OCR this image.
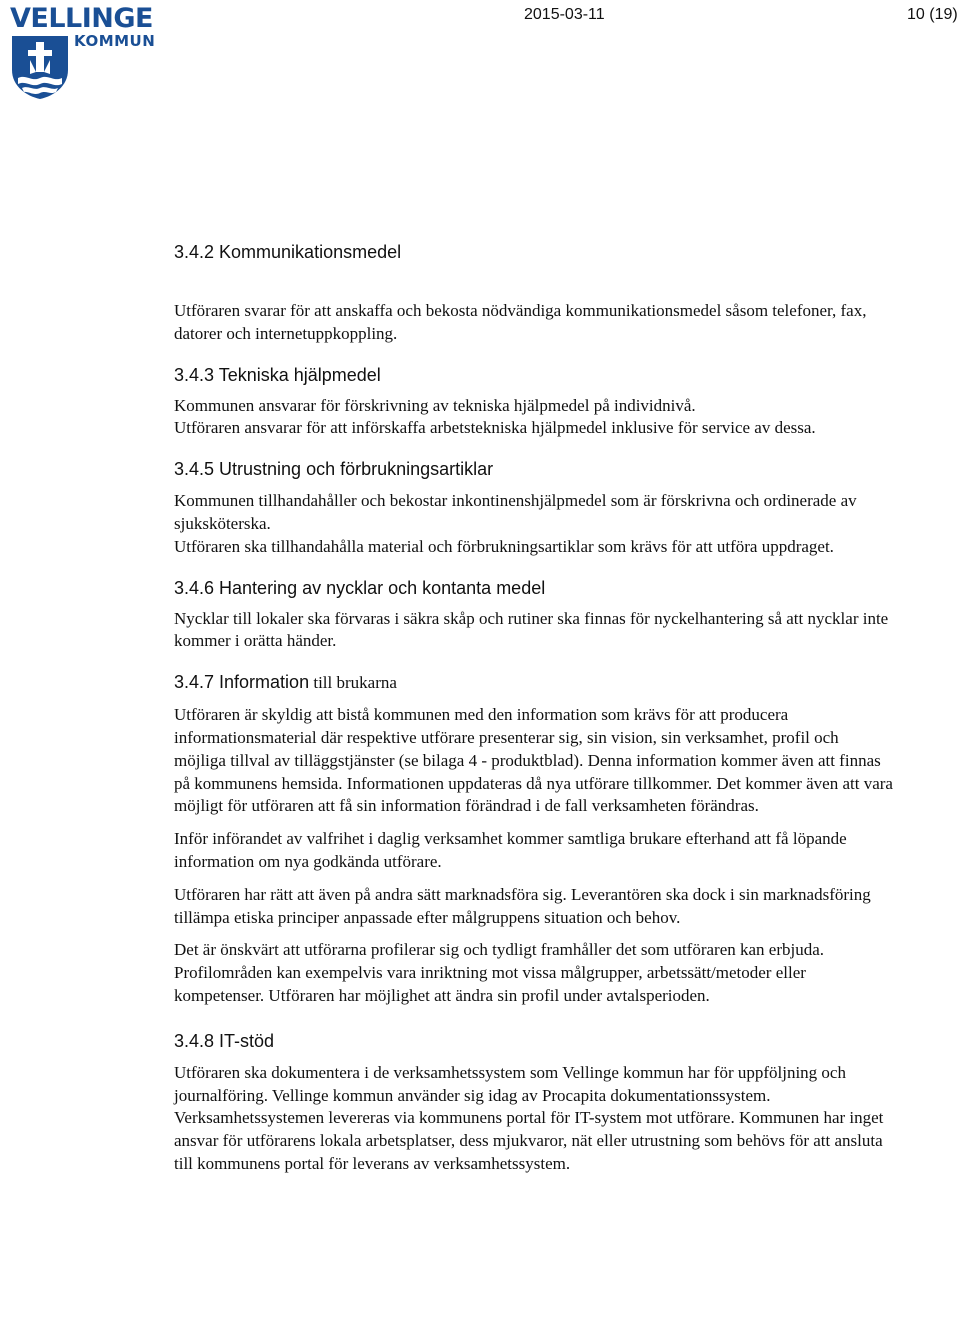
VELLINGE
KOMMUN
2015-03-11	10 (19)
3.4.2 Kommunikationsmedel

Utföraren svarar för att anskaffa och bekosta nödvändiga kommunikationsmedel såsom telefoner, fax, datorer och internetuppkoppling.

3.4.3 Tekniska hjälpmedel

Kommunen ansvarar för förskrivning av tekniska hjälpmedel på individnivå.

Utföraren ansvarar för att införskaffa arbetstekniska hjälpmedel inklusive för service av dessa.

3.4.5 Utrustning och förbrukningsartiklar

Kommunen tillhandahåller och bekostar inkontinenshjälpmedel som är förskrivna och ordinerade av sjuksköterska.

Utföraren ska tillhandahålla material och förbrukningsartiklar som krävs för att utföra uppdraget.

3.4.6 Hantering av nycklar och kontanta medel

Nycklar till lokaler ska förvaras i säkra skåp och rutiner ska finnas för nyckelhantering så att nycklar inte kommer i orätta händer.

3.4.7 Information till brukarna

Utföraren är skyldig att bistå kommunen med den information som krävs för att producera informationsmaterial där respektive utförare presenterar sig, sin vision, sin verksamhet, profil och möjliga tillval av tilläggstjänster (se bilaga 4 - produktblad). Denna information kommer även att finnas på kommunens hemsida. Informationen uppdateras då nya utförare tillkommer. Det kommer även att vara möjligt för utföraren att få sin information förändrad i de fall verksamheten förändras.

Inför införandet av valfrihet i daglig verksamhet kommer samtliga brukare efterhand att få löpande information om nya godkända utförare.

Utföraren har rätt att även på andra sätt marknadsföra sig. Leverantören ska dock i sin marknadsföring tillämpa etiska principer anpassade efter målgruppens situation och behov.

Det är önskvärt att utförarna profilerar sig och tydligt framhåller det som utföraren kan erbjuda. Profilområden kan exempelvis vara inriktning mot vissa målgrupper, arbetssätt/metoder eller kompetenser. Utföraren har möjlighet att ändra sin profil under avtalsperioden.

3.4.8 IT-stöd

Utföraren ska dokumentera i de verksamhetssystem som Vellinge kommun har för uppföljning och journalföring. Vellinge kommun använder sig idag av Procapita dokumentationssystem. Verksamhetssystemen levereras via kommunens portal för IT-system mot utförare. Kommunen har inget ansvar för utförarens lokala arbetsplatser, dess mjukvaror, nät eller utrustning som behövs för att ansluta till kommunens portal för leverans av verksamhetssystem.
